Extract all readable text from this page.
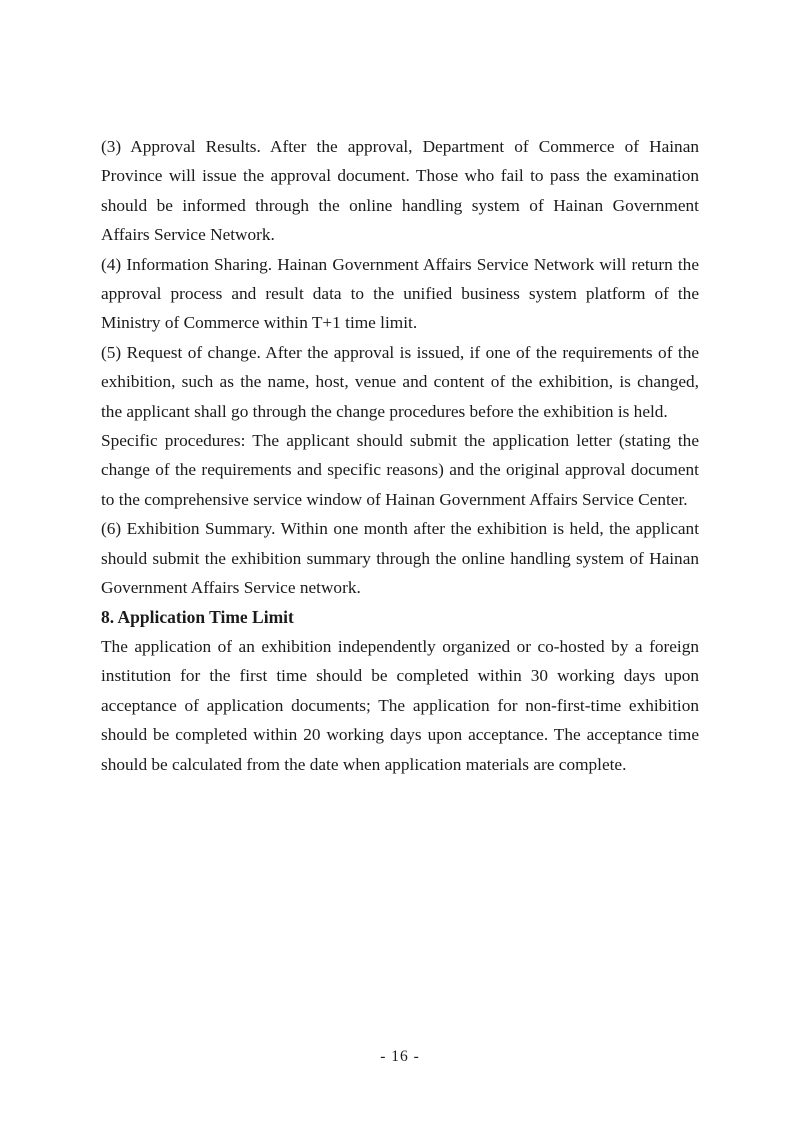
(3) Approval Results. After the approval, Department of Commerce of Hainan Province will issue the approval document. Those who fail to pass the examination should be informed through the online handling system of Hainan Government Affairs Service Network.

(4) Information Sharing. Hainan Government Affairs Service Network will return the approval process and result data to the unified business system platform of the Ministry of Commerce within T+1 time limit.

(5) Request of change. After the approval is issued, if one of the requirements of the exhibition, such as the name, host, venue and content of the exhibition, is changed, the applicant shall go through the change procedures before the exhibition is held.

Specific procedures: The applicant should submit the application letter (stating the change of the requirements and specific reasons) and the original approval document to the comprehensive service window of Hainan Government Affairs Service Center.

(6) Exhibition Summary. Within one month after the exhibition is held, the applicant should submit the exhibition summary through the online handling system of Hainan Government Affairs Service network.

8. Application Time Limit

The application of an exhibition independently organized or co-hosted by a foreign institution for the first time should be completed within 30 working days upon acceptance of application documents; The application for non-first-time exhibition should be completed within 20 working days upon acceptance. The acceptance time should be calculated from the date when application materials are complete.

- 16 -
